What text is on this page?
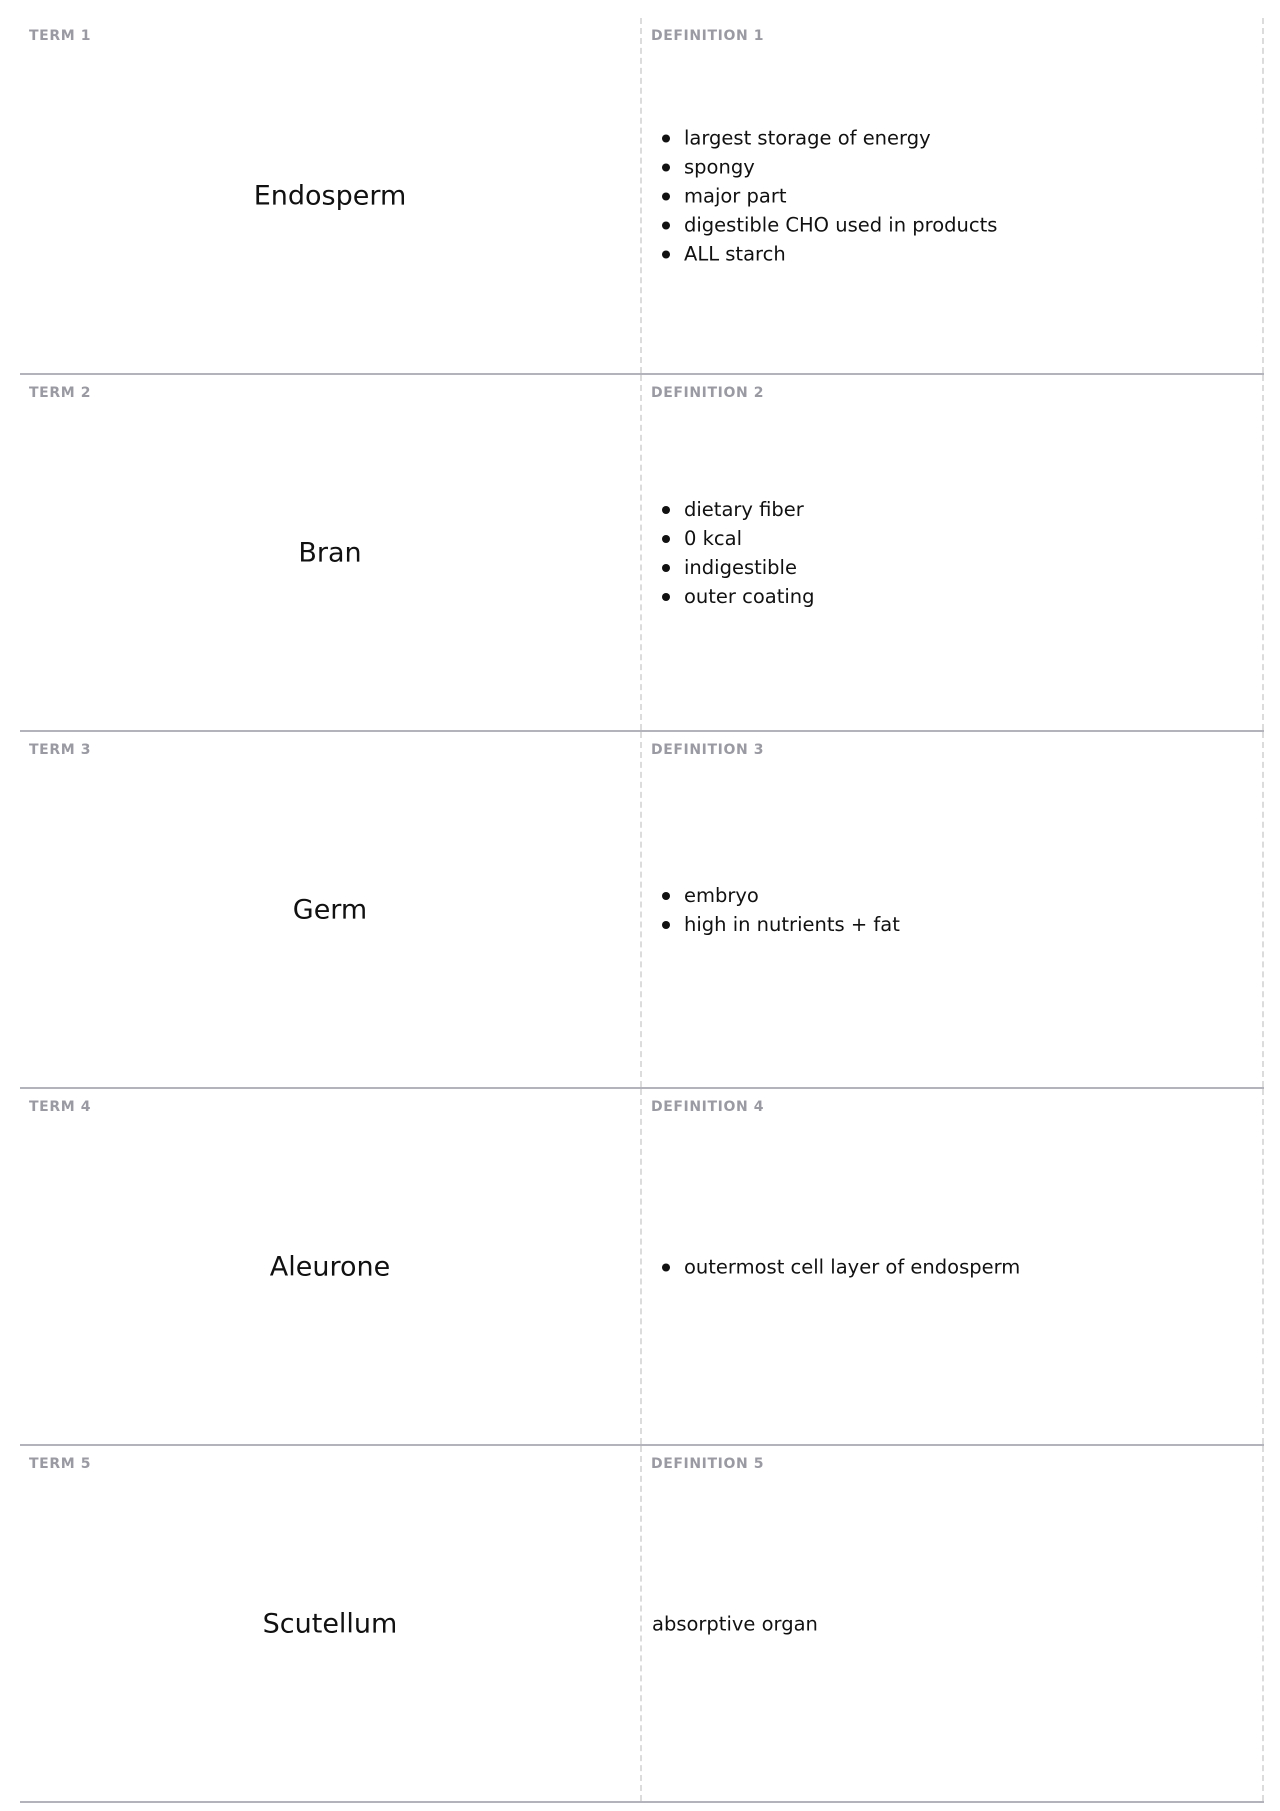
TERM 1
Endosperm
DEFINITION 1
largest storage of energy
spongy
major part
digestible CHO used in products
ALL starch
TERM 2
Bran
DEFINITION 2
dietary fiber
0 kcal
indigestible
outer coating
TERM 3
Germ
DEFINITION 3
embryo
high in nutrients + fat
TERM 4
Aleurone
DEFINITION 4
outermost cell layer of endosperm
TERM 5
Scutellum
DEFINITION 5
absorptive organ
